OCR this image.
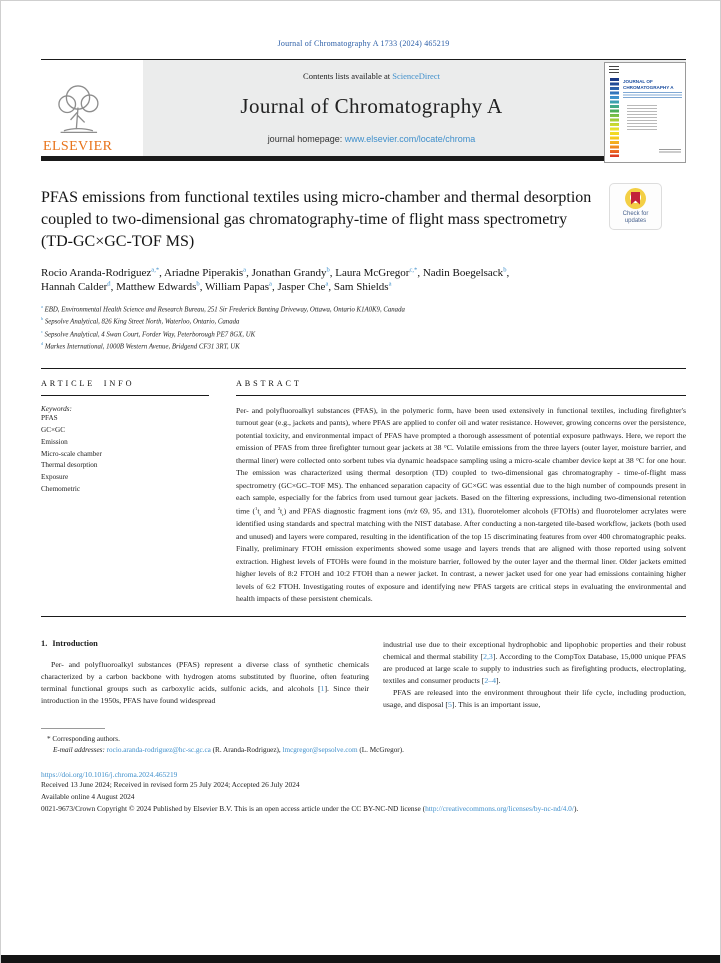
Journal of Chromatography A 1733 (2024) 465219
ELSEVIER
Contents lists available at ScienceDirect
Journal of Chromatography A
journal homepage: www.elsevier.com/locate/chroma
JOURNAL OF CHROMATOGRAPHY A
PFAS emissions from functional textiles using micro-chamber and thermal desorption coupled to two-dimensional gas chromatography-time of flight mass spectrometry (TD-GC×GC-TOF MS)
Check for
updates
Rocio Aranda-Rodriguez$^{a,*}$, Ariadne Piperakis$^a$, Jonathan Grandy$^b$, Laura McGregor$^{c,*}$, Nadin Boegelsack$^b$, Hannah Calder$^d$, Matthew Edwards$^b$, William Papas$^a$, Jasper Che$^a$, Sam Shields$^a$
$^a$ EBD, Environmental Health Science and Research Bureau, 251 Sir Frederick Banting Driveway, Ottawa, Ontario K1A0K9, Canada
$^b$ Sepsolve Analytical, 826 King Street North, Waterloo, Ontario, Canada
$^c$ Sepsolve Analytical, 4 Swan Court, Forder Way, Peterborough PE7 8GX, UK
$^d$ Markes International, 1000B Western Avenue, Bridgend CF31 3RT, UK
ARTICLE INFO
Keywords:
PFAS
GC×GC
Emission
Micro-scale chamber
Thermal desorption
Exposure
Chemometric
ABSTRACT
Per- and polyfluoroalkyl substances (PFAS), in the polymeric form, have been used extensively in functional textiles, including firefighter's turnout gear (e.g., jackets and pants), where PFAS are applied to confer oil and water resistance. However, growing concerns over the persistence, potential toxicity, and environmental impact of PFAS have prompted a thorough assessment of potential exposure pathways. Here, we report the emission of PFAS from three firefighter turnout gear jackets at 38 °C. Volatile emissions from the three layers (outer layer, moisture barrier, and thermal liner) were collected onto sorbent tubes via dynamic headspace sampling using a micro-scale chamber device kept at 38 °C for one hour. The emission was characterized using thermal desorption (TD) coupled to two-dimensional gas chromatography - time-of-flight mass spectrometry (GC×GC–TOF MS). The enhanced separation capacity of GC×GC was essential due to the high number of compounds present in each sample, especially for the fabrics from used turnout gear jackets. Based on the filtering expressions, including two-dimensional retention time ($^1t_r$ and $^2t_r$) and PFAS diagnostic fragment ions (m/z 69, 95, and 131), fluorotelomer alcohols (FTOHs) and fluorotelomer acrylates were identified using standards and spectral matching with the NIST database. After conducting a non-targeted tile-based workflow, jackets (both used and unused) and layers were compared, resulting in the identification of the top 15 discriminating features from over 400 chromatographic peaks. Finally, preliminary FTOH emission experiments showed some usage and layers trends that are aligned with those reported using solvent extraction. Highest levels of FTOHs were found in the moisture barrier, followed by the outer layer and the thermal liner. Older jackets emitted higher levels of 8:2 FTOH and 10:2 FTOH than a newer jacket. In contrast, a newer jacket used for one year had emissions containing higher levels of 6:2 FTOH. Investigating routes of exposure and identifying new PFAS targets are critical steps in evaluating the environmental and health impacts of these persistent chemicals.
1. Introduction
Per- and polyfluoroalkyl substances (PFAS) represent a diverse class of synthetic chemicals characterized by a carbon backbone with hydrogen atoms substituted by fluorine, often featuring terminal functional groups such as carboxylic acids, sulfonic acids, and alcohols [1]. Since their introduction in the 1950s, PFAS have found widespread
industrial use due to their exceptional hydrophobic and lipophobic properties and their robust chemical and thermal stability [2,3]. According to the CompTox Database, 15,000 unique PFAS are produced at large scale to supply to industries such as firefighting products, electroplating, textiles and consumer products [2–4].
PFAS are released into the environment throughout their life cycle, including production, usage, and disposal [5]. This is an important issue,
* Corresponding authors.
E-mail addresses: rocio.aranda-rodriguez@hc-sc.gc.ca (R. Aranda-Rodriguez), lmcgregor@sepsolve.com (L. McGregor).
https://doi.org/10.1016/j.chroma.2024.465219
Received 13 June 2024; Received in revised form 25 July 2024; Accepted 26 July 2024
Available online 4 August 2024
0021-9673/Crown Copyright © 2024 Published by Elsevier B.V. This is an open access article under the CC BY-NC-ND license (http://creativecommons.org/licenses/by-nc-nd/4.0/).
